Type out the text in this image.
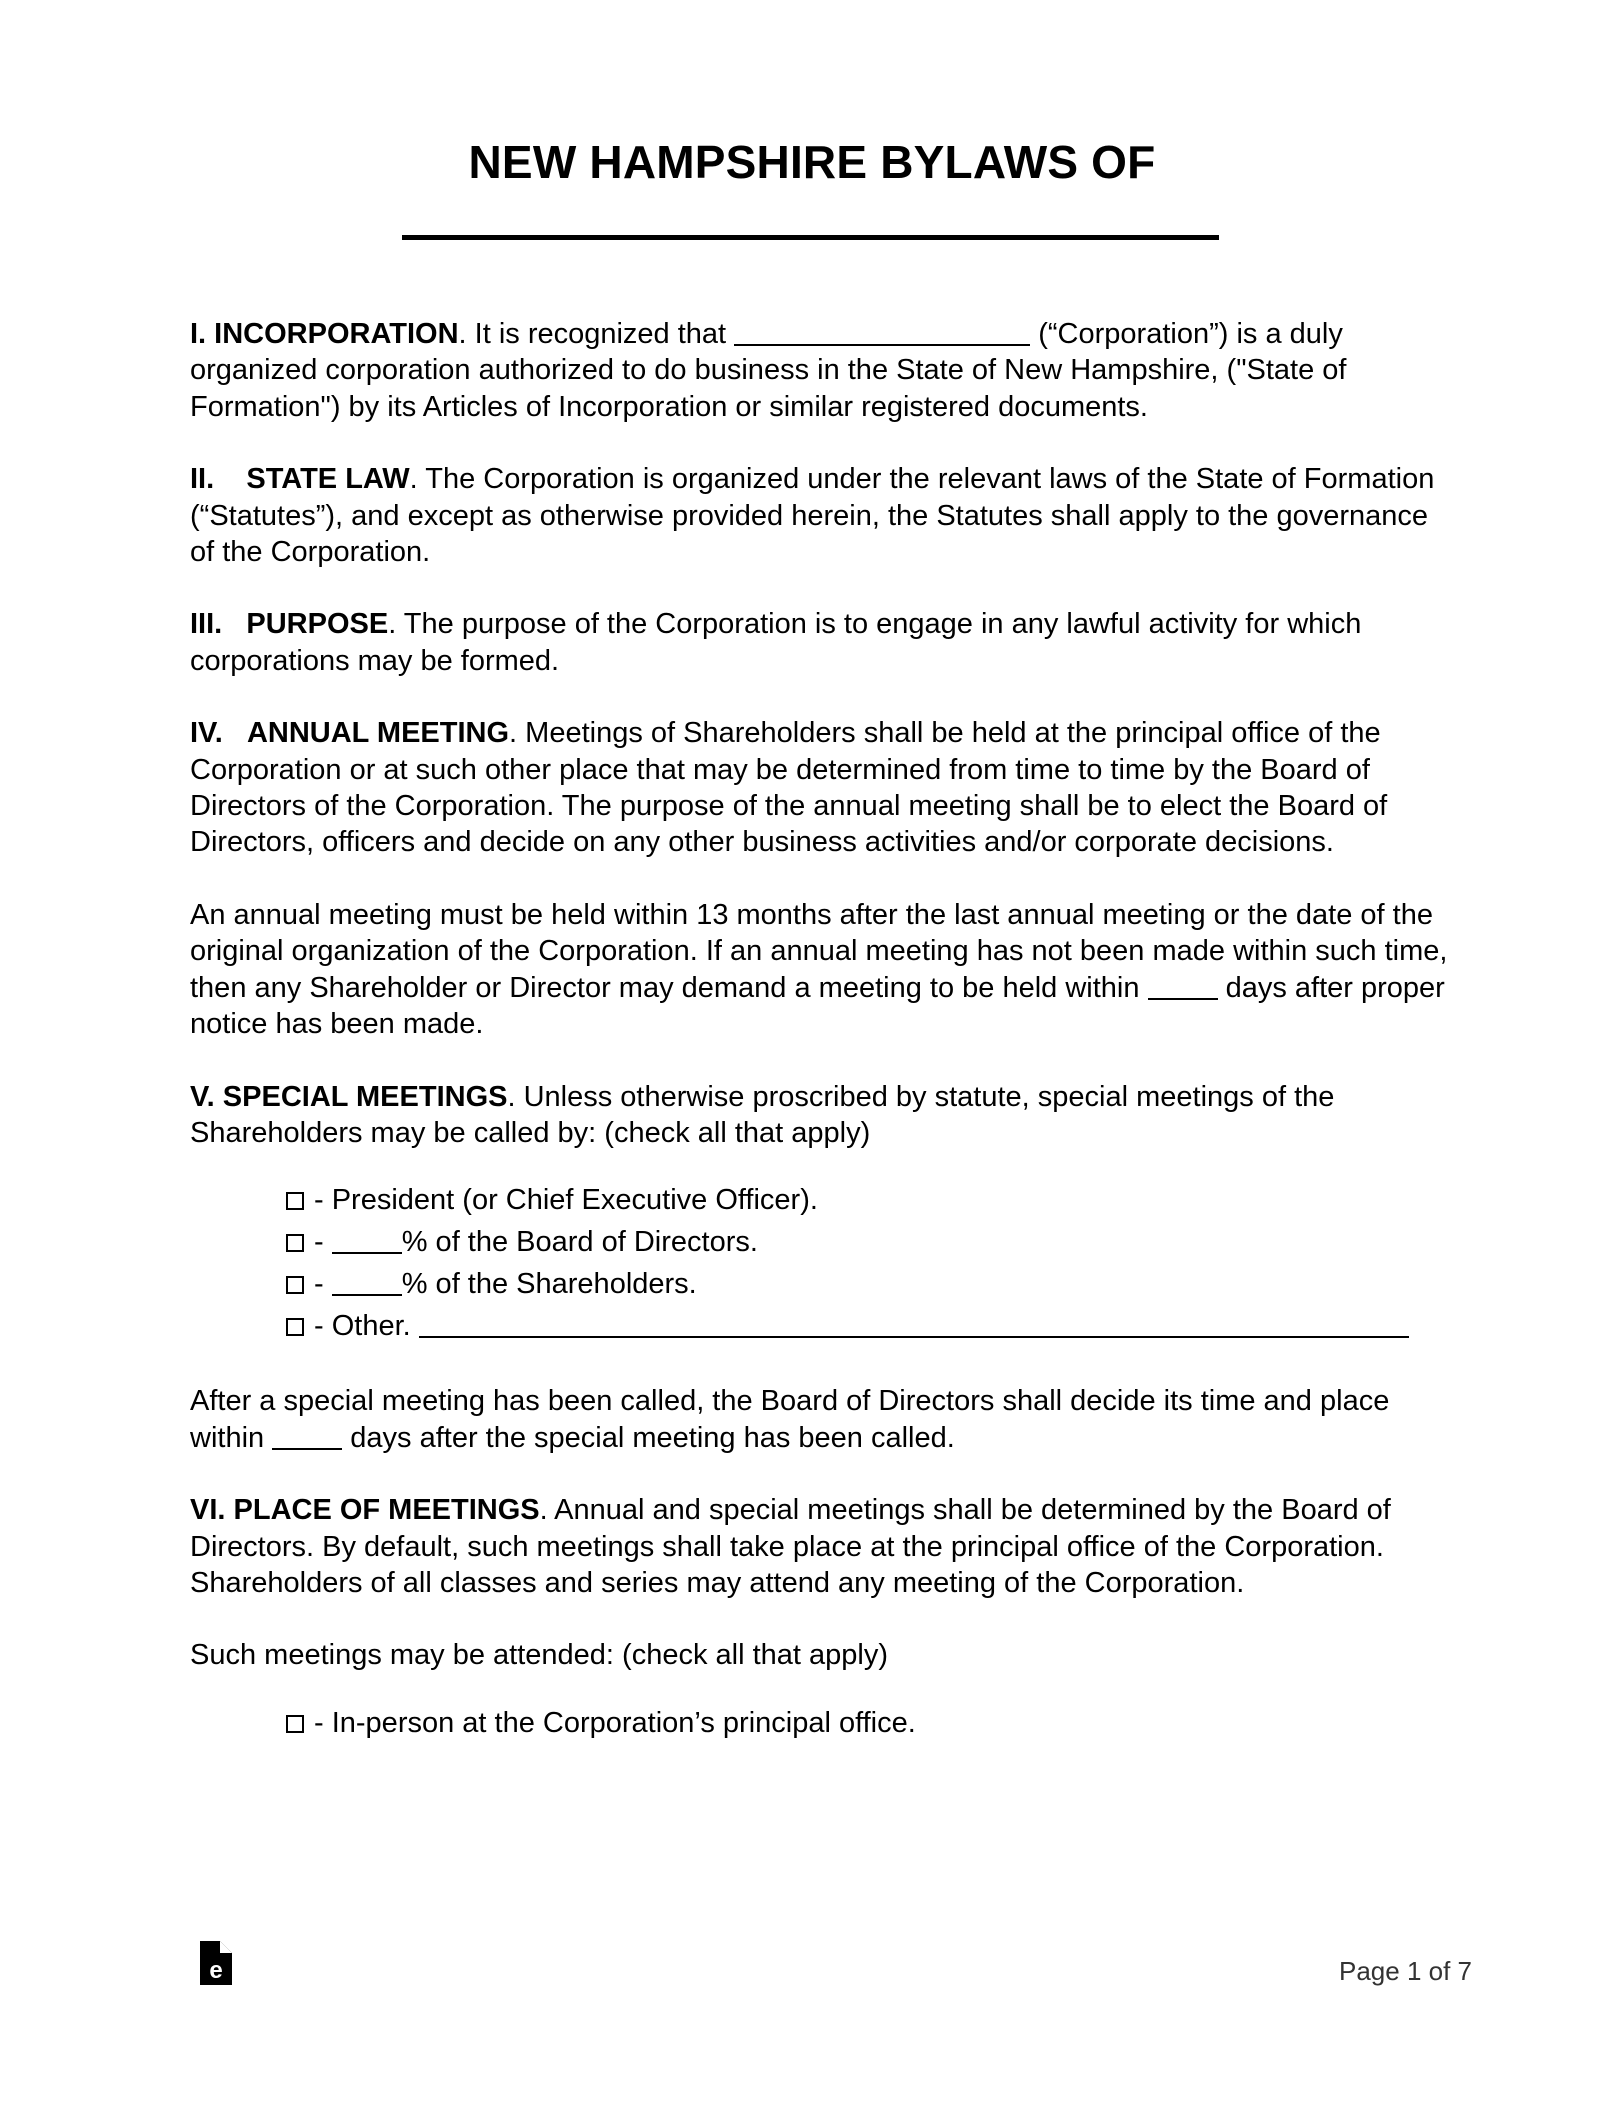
NEW HAMPSHIRE BYLAWS OF

I. INCORPORATION. It is recognized that	(“Corporation”) is a duly organized corporation authorized to do business in the State of New Hampshire, ("State of Formation") by its Articles of Incorporation or similar registered documents.

II.    STATE LAW. The Corporation is organized under the relevant laws of the State of Formation (“Statutes”), and except as otherwise provided herein, the Statutes shall apply to the governance of the Corporation.

III.   PURPOSE. The purpose of the Corporation is to engage in any lawful activity for which corporations may be formed.

IV.   ANNUAL MEETING. Meetings of Shareholders shall be held at the principal office of the Corporation or at such other place that may be determined from time to time by the Board of Directors of the Corporation. The purpose of the annual meeting shall be to elect the Board of Directors, officers and decide on any other business activities and/or corporate decisions.

An annual meeting must be held within 13 months after the last annual meeting or the date of the original organization of the Corporation. If an annual meeting has not been made within such time, then any Shareholder or Director may demand a meeting to be held within  days after proper notice has been made.

V. SPECIAL MEETINGS. Unless otherwise proscribed by statute, special meetings of the Shareholders may be called by: (check all that apply)

- President (or Chief Executive Officer).
- % of the Board of Directors.
- % of the Shareholders.
- Other.

After a special meeting has been called, the Board of Directors shall decide its time and place within  days after the special meeting has been called.

VI. PLACE OF MEETINGS. Annual and special meetings shall be determined by the Board of Directors. By default, such meetings shall take place at the principal office of the Corporation. Shareholders of all classes and series may attend any meeting of the Corporation.

Such meetings may be attended: (check all that apply)

- In-person at the Corporation’s principal office.
e	Page 1 of 7
